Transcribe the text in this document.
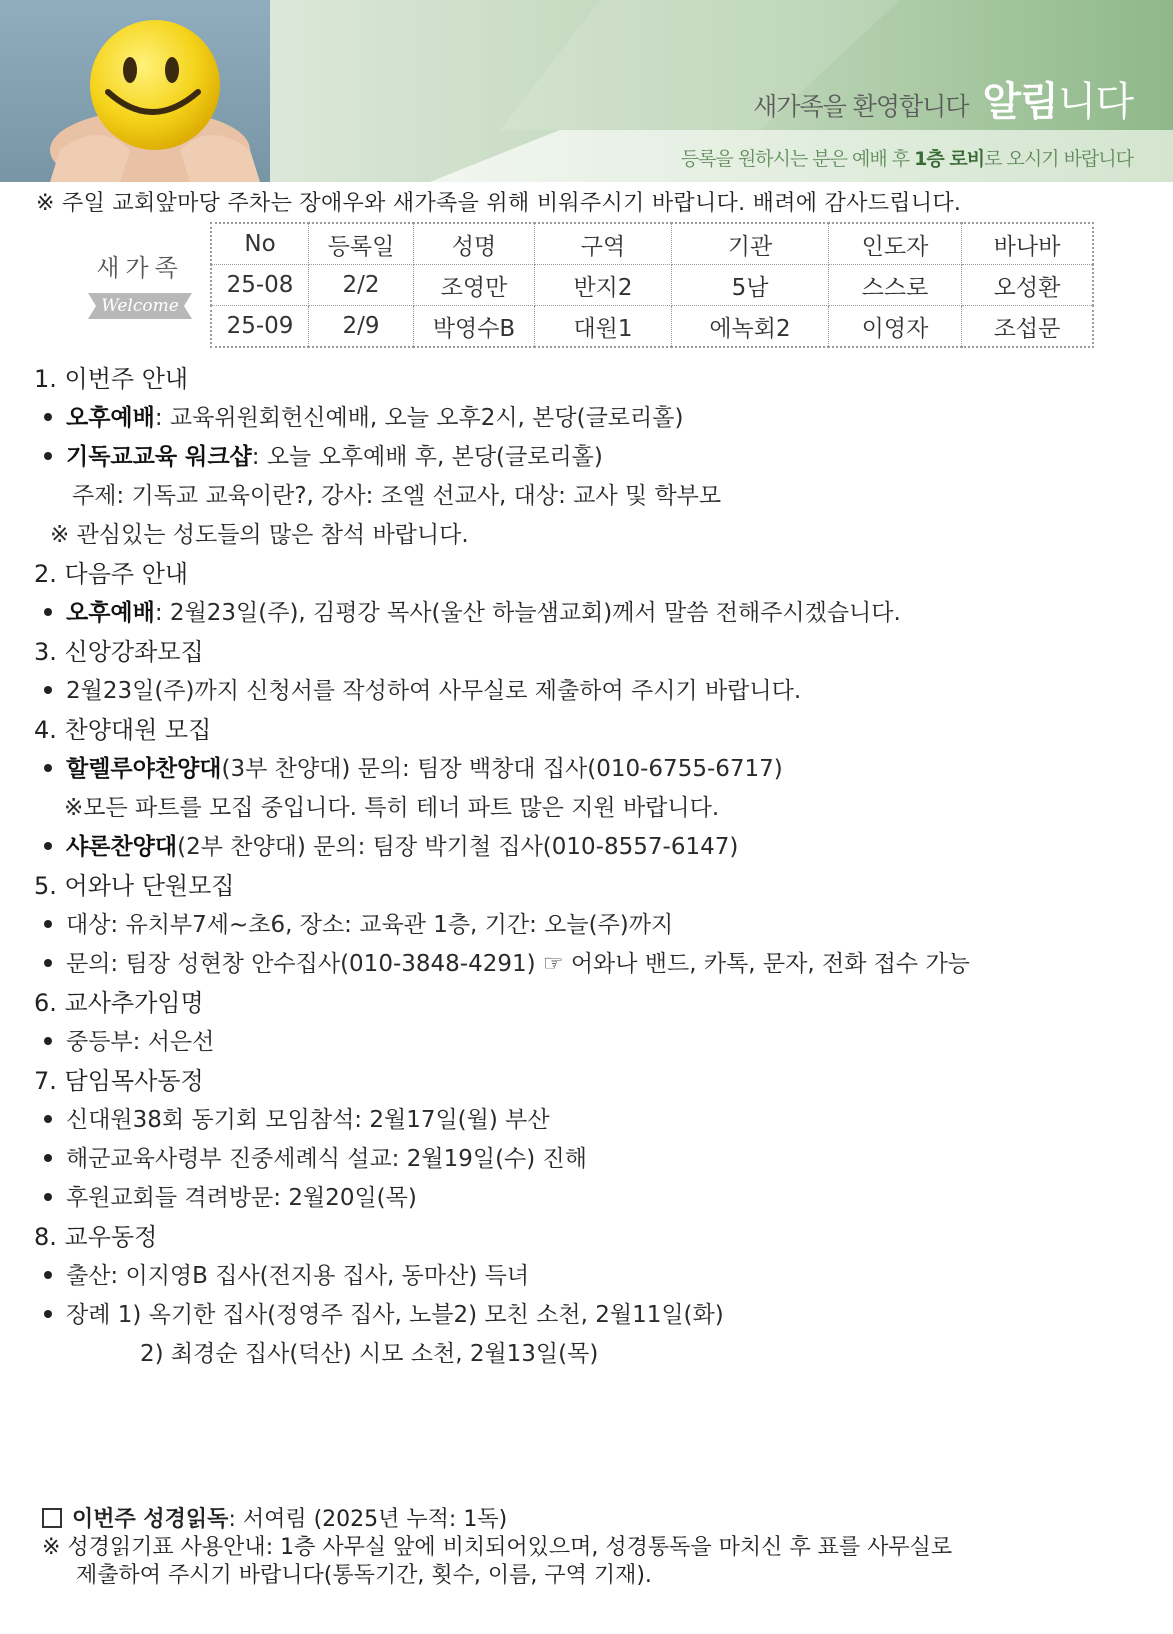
새가족을 환영합니다 알림니다
등록을 원하시는 분은 예배 후 1층 로비로 오시기 바랍니다
※ 주일 교회앞마당 주차는 장애우와 새가족을 위해 비워주시기 바랍니다. 배려에 감사드립니다.
새가족
Welcome
No	등록일	성명	구역	기관	인도자	바나바
25-08	2/2	조영만	반지2	5남	스스로	오성환
25-09	2/9	박영수B	대원1	에녹회2	이영자	조섭문
1. 이번주 안내
오후예배: 교육위원회헌신예배, 오늘 오후2시, 본당(글로리홀)
기독교교육 워크샵: 오늘 오후예배 후, 본당(글로리홀)
주제: 기독교 교육이란?, 강사: 조엘 선교사, 대상: 교사 및 학부모
※ 관심있는 성도들의 많은 참석 바랍니다.
2. 다음주 안내
오후예배: 2월23일(주), 김평강 목사(울산 하늘샘교회)께서 말씀 전해주시겠습니다.
3. 신앙강좌모집
2월23일(주)까지 신청서를 작성하여 사무실로 제출하여 주시기 바랍니다.
4. 찬양대원 모집
할렐루야찬양대(3부 찬양대) 문의: 팀장 백창대 집사(010-6755-6717)
※모든 파트를 모집 중입니다. 특히 테너 파트 많은 지원 바랍니다.
샤론찬양대(2부 찬양대) 문의: 팀장 박기철 집사(010-8557-6147)
5. 어와나 단원모집
대상: 유치부7세~초6, 장소: 교육관 1층, 기간: 오늘(주)까지
문의: 팀장 성현창 안수집사(010-3848-4291) ☞ 어와나 밴드, 카톡, 문자, 전화 접수 가능
6. 교사추가임명
중등부: 서은선
7. 담임목사동정
신대원38회 동기회 모임참석: 2월17일(월) 부산
해군교육사령부 진중세례식 설교: 2월19일(수) 진해
후원교회들 격려방문: 2월20일(목)
8. 교우동정
출산: 이지영B 집사(전지용 집사, 동마산) 득녀
장례 1) 옥기한 집사(정영주 집사, 노블2) 모친 소천, 2월11일(화)
2) 최경순 집사(덕산) 시모 소천, 2월13일(목)
이번주 성경읽독: 서여림 (2025년 누적: 1독)
※ 성경읽기표 사용안내: 1층 사무실 앞에 비치되어있으며, 성경통독을 마치신 후 표를 사무실로
제출하여 주시기 바랍니다(통독기간, 횟수, 이름, 구역 기재).
